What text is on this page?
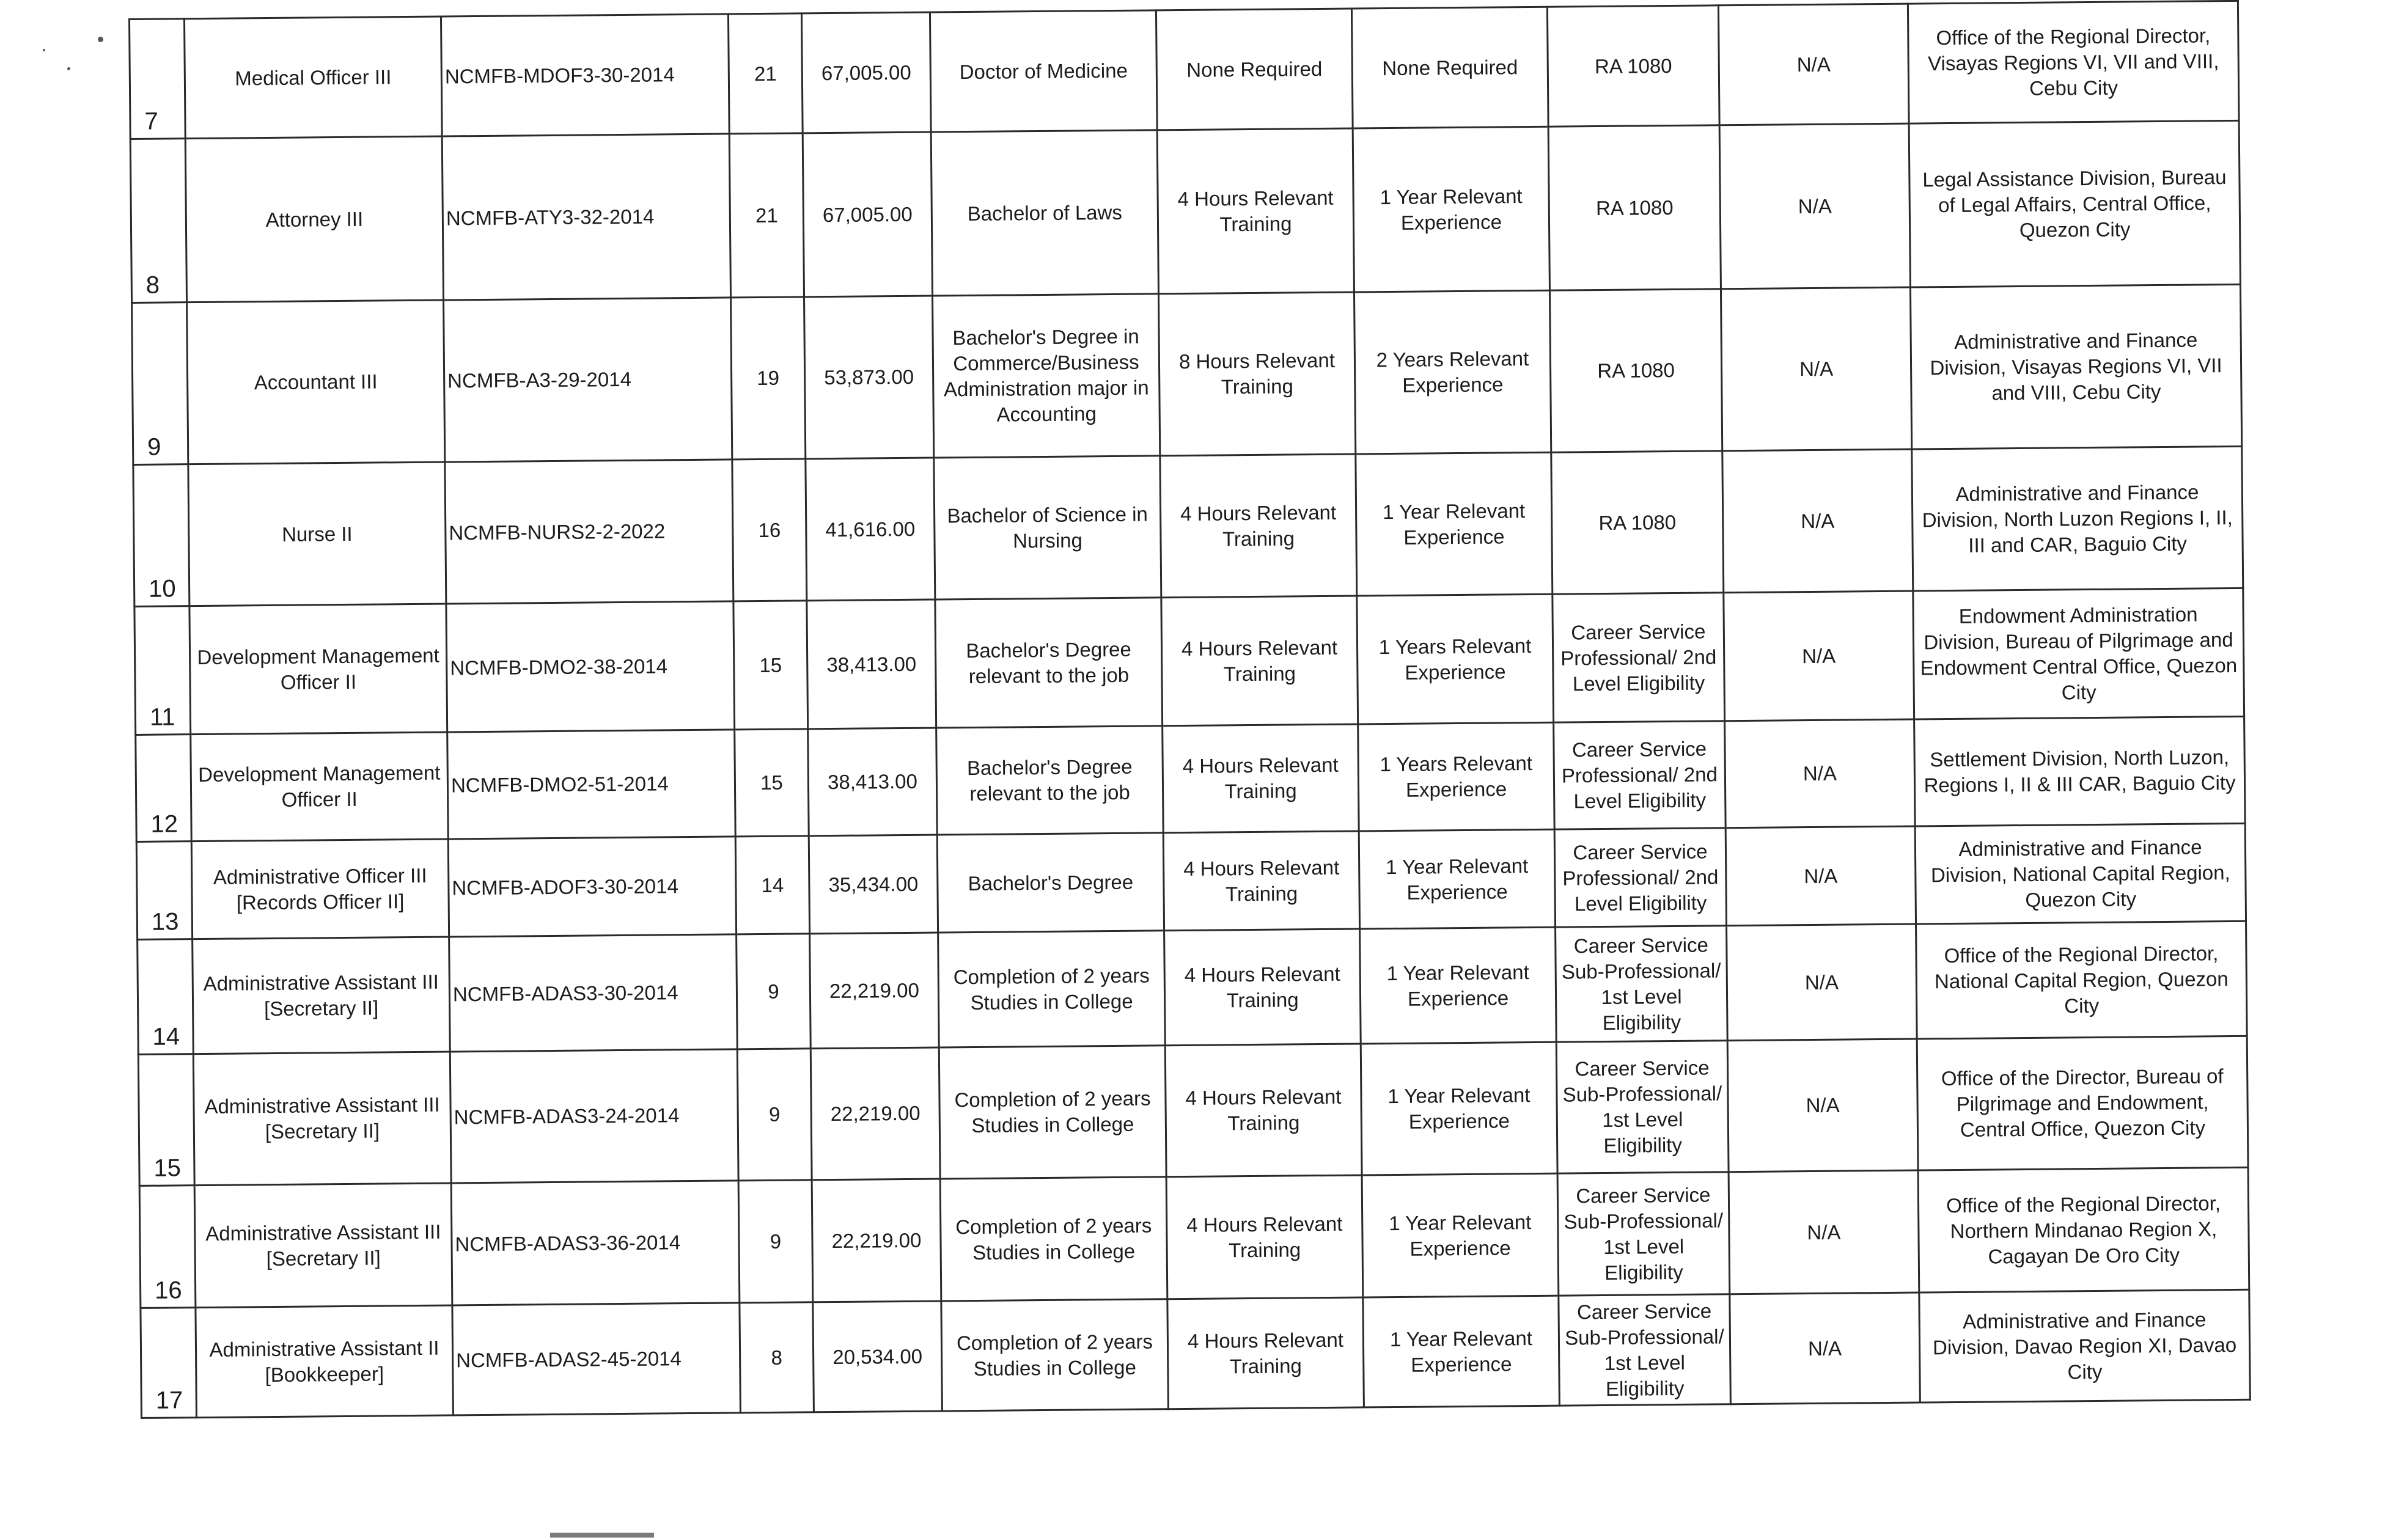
7	Medical Officer III	NCMFB-MDOF3-30-2014	21	67,005.00	Doctor of Medicine	None Required	None Required	RA 1080	N/A	Office of the Regional Director, Visayas Regions VI, VII and VIII, Cebu City
8	Attorney III	NCMFB-ATY3-32-2014	21	67,005.00	Bachelor of Laws	4 Hours Relevant Training	1 Year Relevant Experience	RA 1080	N/A	Legal Assistance Division, Bureau of Legal Affairs, Central Office, Quezon City
9	Accountant III	NCMFB-A3-29-2014	19	53,873.00	Bachelor's Degree in Commerce/Business Administration major in Accounting	8 Hours Relevant Training	2 Years Relevant Experience	RA 1080	N/A	Administrative and Finance Division, Visayas Regions VI, VII and VIII, Cebu City
10	Nurse II	NCMFB-NURS2-2-2022	16	41,616.00	Bachelor of Science in Nursing	4 Hours Relevant Training	1 Year Relevant Experience	RA 1080	N/A	Administrative and Finance Division, North Luzon Regions I, II, III and CAR, Baguio City
11	Development Management Officer II	NCMFB-DMO2-38-2014	15	38,413.00	Bachelor's Degree relevant to the job	4 Hours Relevant Training	1 Years Relevant Experience	Career Service Professional/ 2nd Level Eligibility	N/A	Endowment Administration Division, Bureau of Pilgrimage and Endowment Central Office, Quezon City
12	Development Management Officer II	NCMFB-DMO2-51-2014	15	38,413.00	Bachelor's Degree relevant to the job	4 Hours Relevant Training	1 Years Relevant Experience	Career Service Professional/ 2nd Level Eligibility	N/A	Settlement Division, North Luzon, Regions I, II & III CAR, Baguio City
13	Administrative Officer III [Records Officer II]	NCMFB-ADOF3-30-2014	14	35,434.00	Bachelor's Degree	4 Hours Relevant Training	1 Year Relevant Experience	Career Service Professional/ 2nd Level Eligibility	N/A	Administrative and Finance Division, National Capital Region, Quezon City
14	Administrative Assistant III [Secretary II]	NCMFB-ADAS3-30-2014	9	22,219.00	Completion of 2 years Studies in College	4 Hours Relevant Training	1 Year Relevant Experience	Career Service Sub-Professional/ 1st Level Eligibility	N/A	Office of the Regional Director, National Capital Region, Quezon City
15	Administrative Assistant III [Secretary II]	NCMFB-ADAS3-24-2014	9	22,219.00	Completion of 2 years Studies in College	4 Hours Relevant Training	1 Year Relevant Experience	Career Service Sub-Professional/ 1st Level Eligibility	N/A	Office of the Director, Bureau of Pilgrimage and Endowment, Central Office, Quezon City
16	Administrative Assistant III [Secretary II]	NCMFB-ADAS3-36-2014	9	22,219.00	Completion of 2 years Studies in College	4 Hours Relevant Training	1 Year Relevant Experience	Career Service Sub-Professional/ 1st Level Eligibility	N/A	Office of the Regional Director, Northern Mindanao Region X, Cagayan De Oro City
17	Administrative Assistant II [Bookkeeper]	NCMFB-ADAS2-45-2014	8	20,534.00	Completion of 2 years Studies in College	4 Hours Relevant Training	1 Year Relevant Experience	Career Service Sub-Professional/ 1st Level Eligibility	N/A	Administrative and Finance Division, Davao Region XI, Davao City
